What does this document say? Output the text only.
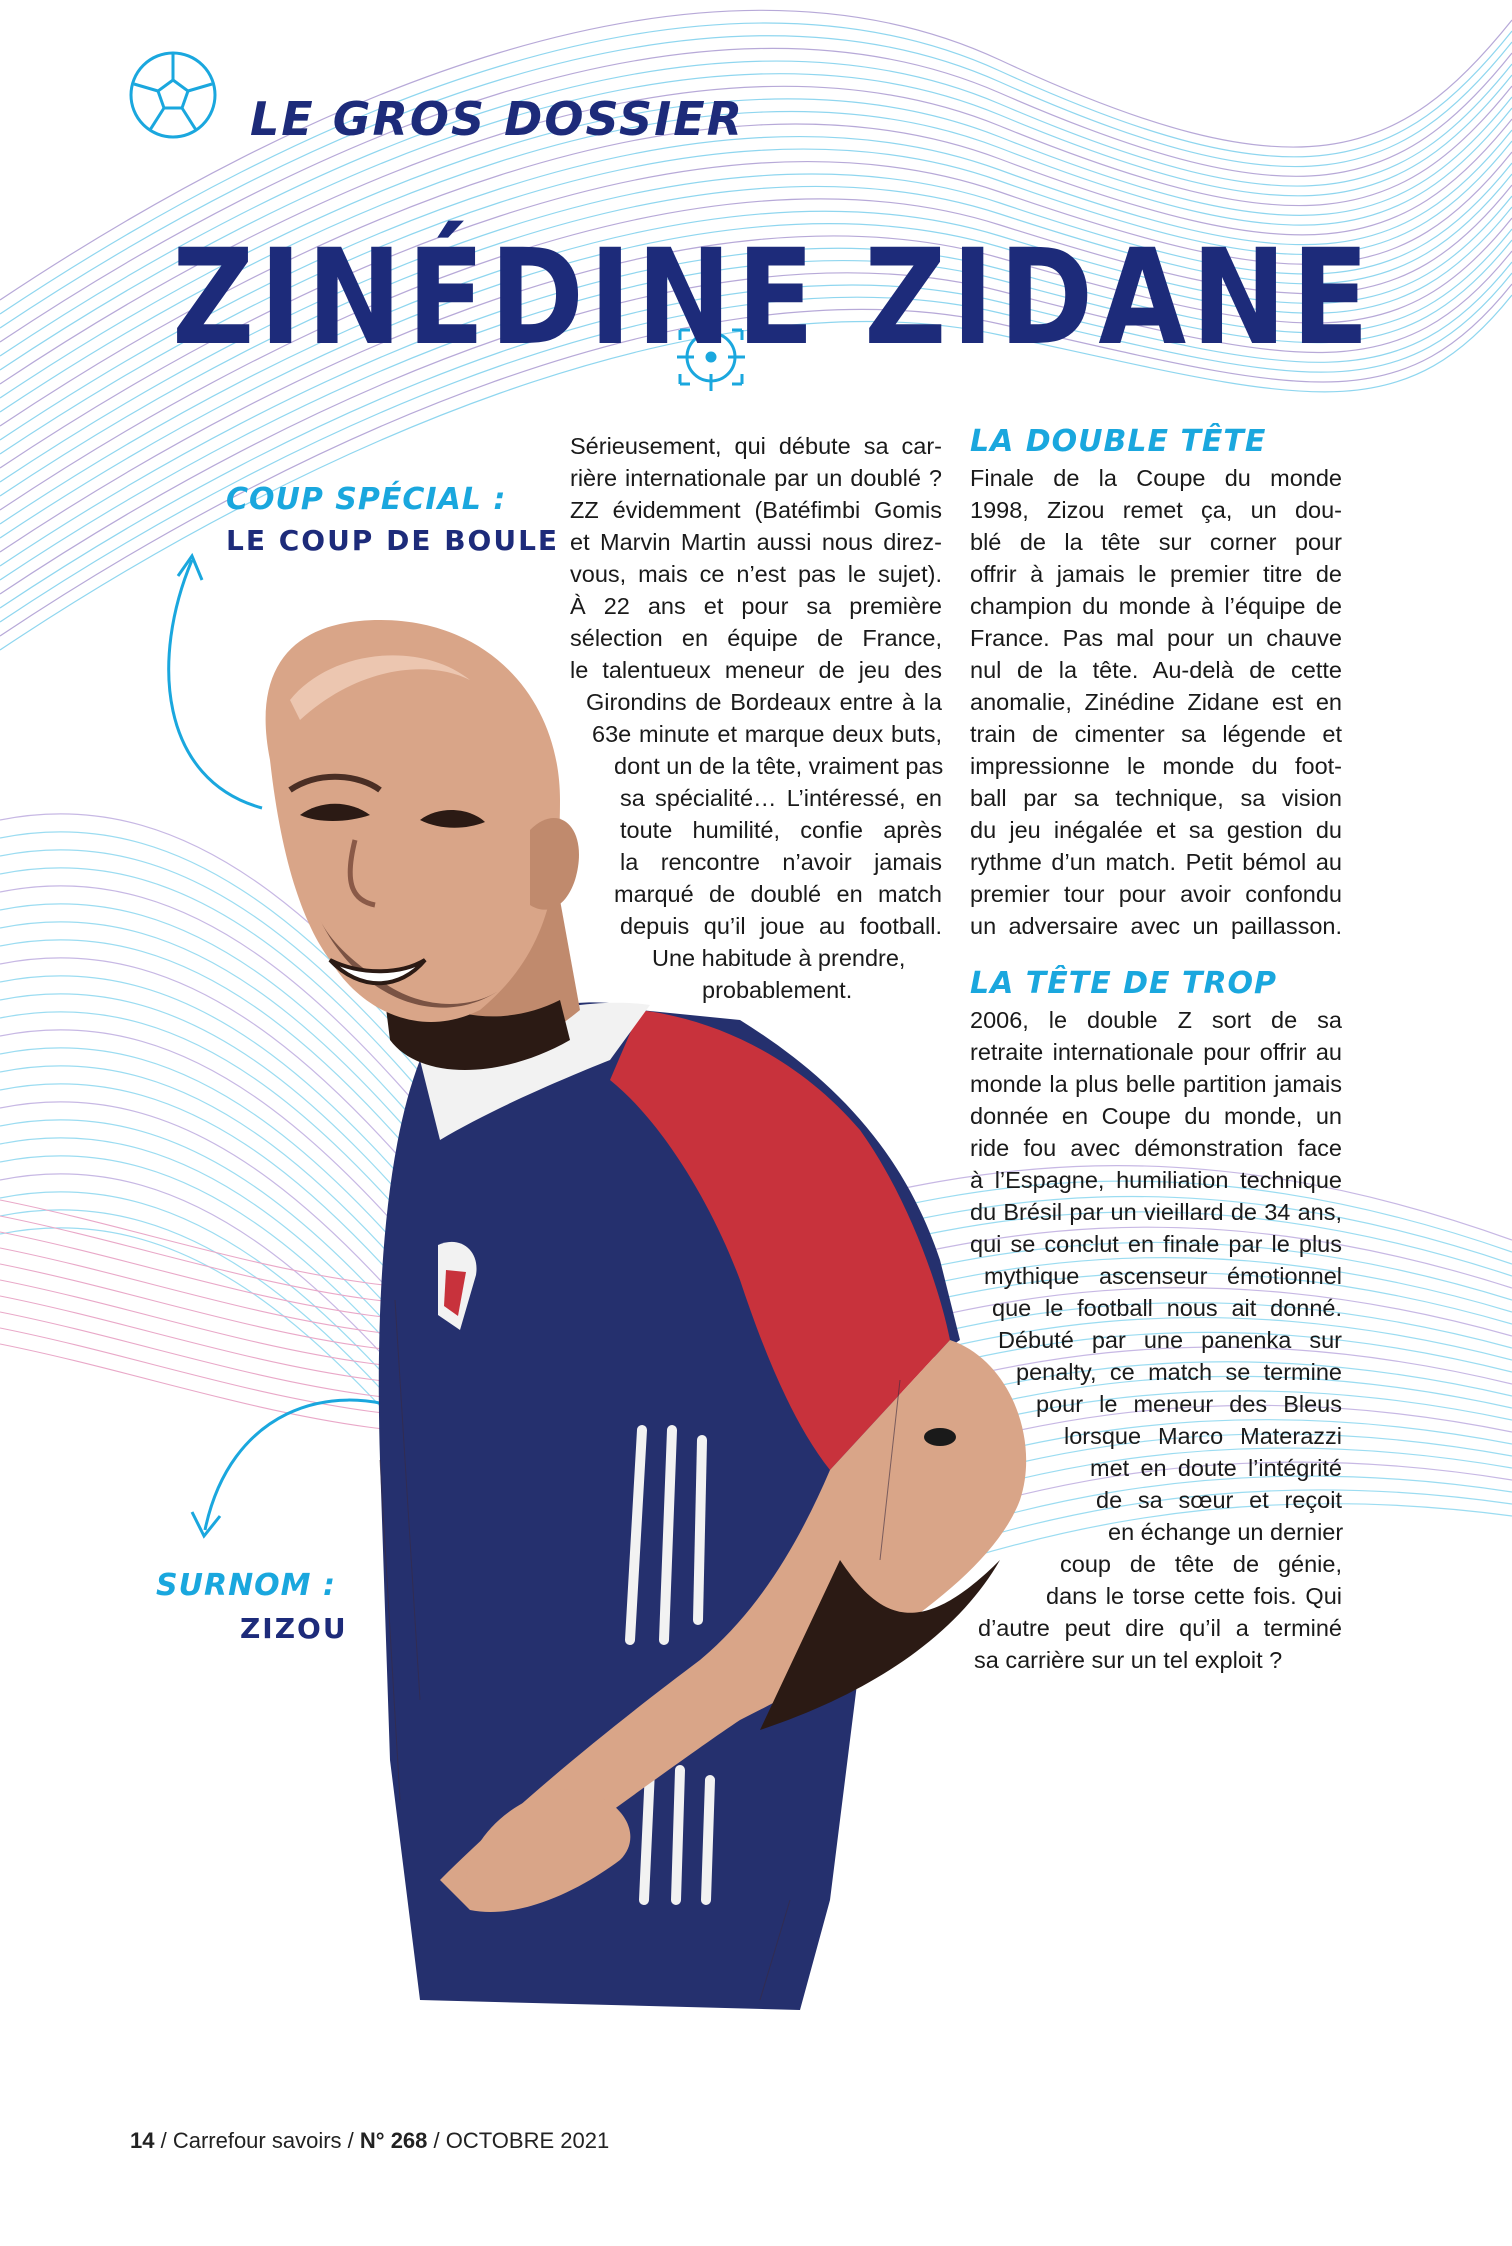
LE GROS DOSSIER
ZINÉDINE ZIDANE
COUP SPÉCIAL :
LE COUP DE BOULE
SURNOM :
ZIZOU
Sérieusement, qui débute sa car-
rière internationale par un doublé ?
ZZ évidemment (Batéfimbi Gomis
et Marvin Martin aussi nous direz-
vous, mais ce n’est pas le sujet).
À 22 ans et pour sa première
sélection en équipe de France,
le talentueux meneur de jeu des
Girondins de Bordeaux entre à la
63e minute et marque deux buts,
dont un de la tête, vraiment pas
sa spécialité… L’intéressé, en
toute humilité, confie après
la rencontre n’avoir jamais
marqué de doublé en match
depuis qu’il joue au football.
Une habitude à prendre,
probablement.
LA DOUBLE TÊTE
Finale de la Coupe du monde
1998, Zizou remet ça, un dou-
blé de la tête sur corner pour
offrir à jamais le premier titre de
champion du monde à l’équipe de
France. Pas mal pour un chauve
nul de la tête. Au-delà de cette
anomalie, Zinédine Zidane est en
train de cimenter sa légende et
impressionne le monde du foot-
ball par sa technique, sa vision
du jeu inégalée et sa gestion du
rythme d’un match. Petit bémol au
premier tour pour avoir confondu
un adversaire avec un paillasson.
LA TÊTE DE TROP
2006, le double Z sort de sa
retraite internationale pour offrir au
monde la plus belle partition jamais
donnée en Coupe du monde, un
ride fou avec démonstration face
à l’Espagne, humiliation technique
du Brésil par un vieillard de 34 ans,
qui se conclut en finale par le plus
mythique ascenseur émotionnel
que le football nous ait donné.
Débuté par une panenka sur
penalty, ce match se termine
pour le meneur des Bleus
lorsque Marco Materazzi
met en doute l’intégrité
de sa sœur et reçoit
en échange un dernier
coup de tête de génie,
dans le torse cette fois. Qui
d’autre peut dire qu’il a terminé
sa carrière sur un tel exploit ?
14 / Carrefour savoirs / N° 268 / OCTOBRE 2021
